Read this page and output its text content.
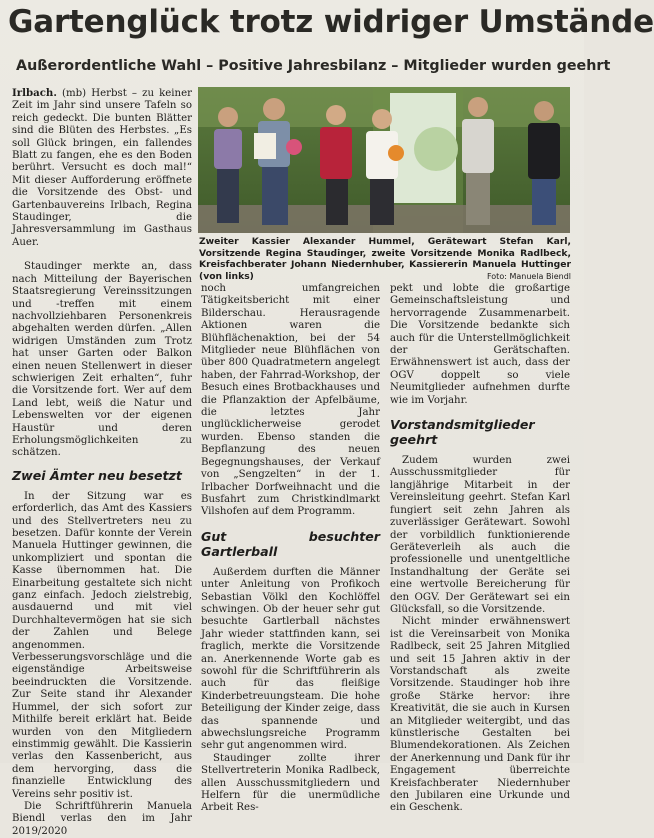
Gartenglück trotz widriger Umstände
Außerordentliche Wahl – Positive Jahresbilanz – Mitglieder wurden geehrt

Irlbach. (mb) Herbst – zu keiner Zeit im Jahr sind unsere Tafeln so reich gedeckt. Die bunten Blätter sind die Blüten des Herbstes. „Es soll Glück bringen, ein fallendes Blatt zu fangen, ehe es den Boden berührt. Versucht es doch mal!“ Mit dieser Aufforderung eröffnete die Vorsitzende des Obst- und Gartenbauvereins Irlbach, Regina Staudinger, die Jahresversammlung im Gasthaus Auer.

Staudinger merkte an, dass nach Mitteilung der Bayerischen Staatsregierung Vereinssitzungen und -treffen mit einem nachvollziehbaren Personenkreis abgehalten werden dürfen. „Allen widrigen Umständen zum Trotz hat unser Garten oder Balkon einen neuen Stellenwert in dieser schwierigen Zeit erhalten“, fuhr die Vorsitzende fort. Wer auf dem Land lebt, weiß die Natur und Lebenswelten vor der eigenen Haustür und deren Erholungsmöglichkeiten zu schätzen.

Zwei Ämter neu besetzt

In der Sitzung war es erforderlich, das Amt des Kassiers und des Stellvertreters neu zu besetzen. Dafür konnte der Verein Manuela Huttinger gewinnen, die unkompliziert und spontan die Kasse übernommen hat. Die Einarbeitung gestaltete sich nicht ganz einfach. Jedoch zielstrebig, ausdauernd und mit viel Durchhaltevermögen hat sie sich der Zahlen und Belege angenommen. Verbesserungsvorschläge und die eigenständige Arbeitsweise beeindruckten die Vorsitzende. Zur Seite stand ihr Alexander Hummel, der sich sofort zur Mithilfe bereit erklärt hat. Beide wurden von den Mitgliedern einstimmig gewählt. Die Kassierin verlas den Kassenbericht, aus dem hervorging, dass die finanzielle Entwicklung des Vereins sehr positiv ist.

Die Schriftführerin Manuela Biendl verlas den im Jahr 2019/2020

Zweiter Kassier Alexander Hummel, Gerätewart Stefan Karl, Vorsitzende Regina Staudinger, zweite Vorsitzende Monika Radlbeck, Kreisfachberater Johann Niedernhuber, Kassiererin Manuela Huttinger (von links)	Foto: Manuela Biendl

noch umfangreichen Tätigkeitsbericht mit einer Bilderschau. Herausragende Aktionen waren die Blühflächenaktion, bei der 54 Mitglieder neue Blühflächen von über 800 Quadratmetern angelegt haben, der Fahrrad-Workshop, der Besuch eines Brotbackhauses und die Pflanzaktion der Apfelbäume, die letztes Jahr unglücklicherweise gerodet wurden. Ebenso standen die Bepflanzung des neuen Begegnungshauses, der Verkauf von „Sengzelten“ in der 1. Irlbacher Dorfweihnacht und die Busfahrt zum Christkindlmarkt Vilshofen auf dem Programm.

Gut besuchter Gartlerball

Außerdem durften die Männer unter Anleitung von Profikoch Sebastian Völkl den Kochlöffel schwingen. Ob der heuer sehr gut besuchte Gartlerball nächstes Jahr wieder stattfinden kann, sei fraglich, merkte die Vorsitzende an. Anerkennende Worte gab es sowohl für die Schriftführerin als auch für das fleißige Kinderbetreuungsteam. Die hohe Beteiligung der Kinder zeige, dass das spannende und abwechslungsreiche Programm sehr gut angenommen wird.

Staudinger zollte ihrer Stellvertreterin Monika Radlbeck, allen Ausschussmitgliedern und Helfern für die unermüdliche Arbeit Res-

pekt und lobte die großartige Gemeinschaftsleistung und hervorragende Zusammenarbeit. Die Vorsitzende bedankte sich auch für die Unterstellmöglichkeit der Gerätschaften. Erwähnenswert ist auch, dass der OGV doppelt so viele Neumitglieder aufnehmen durfte wie im Vorjahr.

Vorstandsmitglieder geehrt

Zudem wurden zwei Ausschussmitglieder für langjährige Mitarbeit in der Vereinsleitung geehrt. Stefan Karl fungiert seit zehn Jahren als zuverlässiger Gerätewart. Sowohl der vorbildlich funktionierende Geräteverleih als auch die professionelle und unentgeltliche Instandhaltung der Geräte sei eine wertvolle Bereicherung für den OGV. Der Gerätewart sei ein Glücksfall, so die Vorsitzende.

Nicht minder erwähnenswert ist die Vereinsarbeit von Monika Radlbeck, seit 25 Jahren Mitglied und seit 15 Jahren aktiv in der Vorstandschaft als zweite Vorsitzende. Staudinger hob ihre große Stärke hervor: ihre Kreativität, die sie auch in Kursen an Mitglieder weitergibt, und das künstlerische Gestalten bei Blumendekorationen. Als Zeichen der Anerkennung und Dank für ihr Engagement überreichte Kreisfachberater Niedernhuber den Jubilaren eine Urkunde und ein Geschenk.
